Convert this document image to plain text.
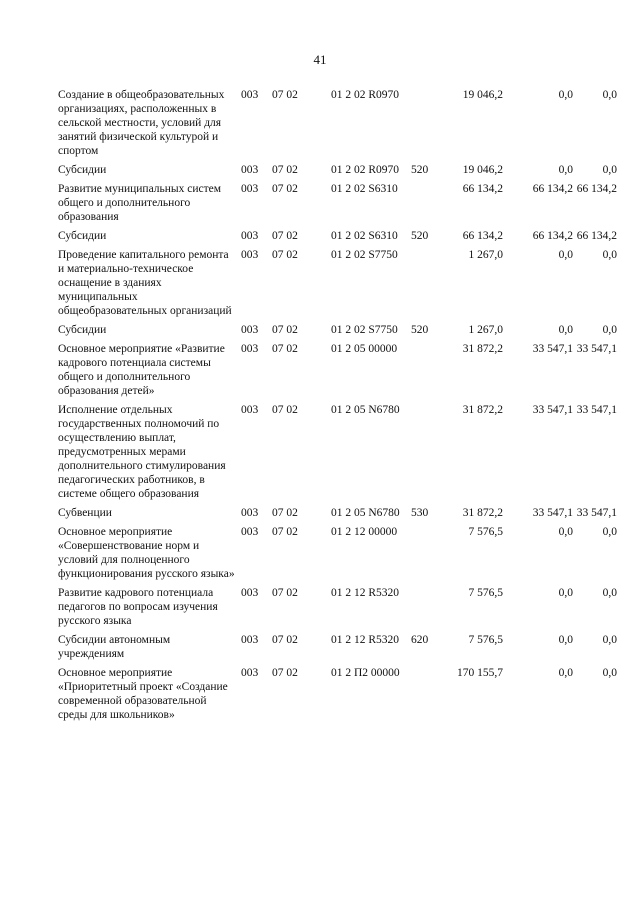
41
Создание в общеобразовательных организациях, расположенных в сельской местности, условий для занятий физической культурой и спортом	003	07 02	01 2 02 R0970		19 046,2	0,0	0,0
Субсидии	003	07 02	01 2 02 R0970	520	19 046,2	0,0	0,0
Развитие муниципальных систем общего и дополнительного образования	003	07 02	01 2 02 S6310		66 134,2	66 134,2	66 134,2
Субсидии	003	07 02	01 2 02 S6310	520	66 134,2	66 134,2	66 134,2
Проведение капитального ремонта и материально-техническое оснащение в зданиях муниципальных общеобразовательных организаций	003	07 02	01 2 02 S7750		1 267,0	0,0	0,0
Субсидии	003	07 02	01 2 02 S7750	520	1 267,0	0,0	0,0
Основное мероприятие «Развитие кадрового потенциала системы общего и дополнительного образования детей»	003	07 02	01 2 05 00000		31 872,2	33 547,1	33 547,1
Исполнение отдельных государственных полномочий по осуществлению выплат, предусмотренных мерами дополнительного стимулирования педагогических работников, в системе общего образования	003	07 02	01 2 05 N6780		31 872,2	33 547,1	33 547,1
Субвенции	003	07 02	01 2 05 N6780	530	31 872,2	33 547,1	33 547,1
Основное мероприятие «Совершенствование норм и условий для полноценного функционирования русского языка»	003	07 02	01 2 12 00000		7 576,5	0,0	0,0
Развитие кадрового потенциала педагогов по вопросам изучения русского языка	003	07 02	01 2 12 R5320		7 576,5	0,0	0,0
Субсидии автономным учреждениям	003	07 02	01 2 12 R5320	620	7 576,5	0,0	0,0
Основное мероприятие «Приоритетный проект «Создание современной образовательной среды для школьников»	003	07 02	01 2 П2 00000		170 155,7	0,0	0,0
